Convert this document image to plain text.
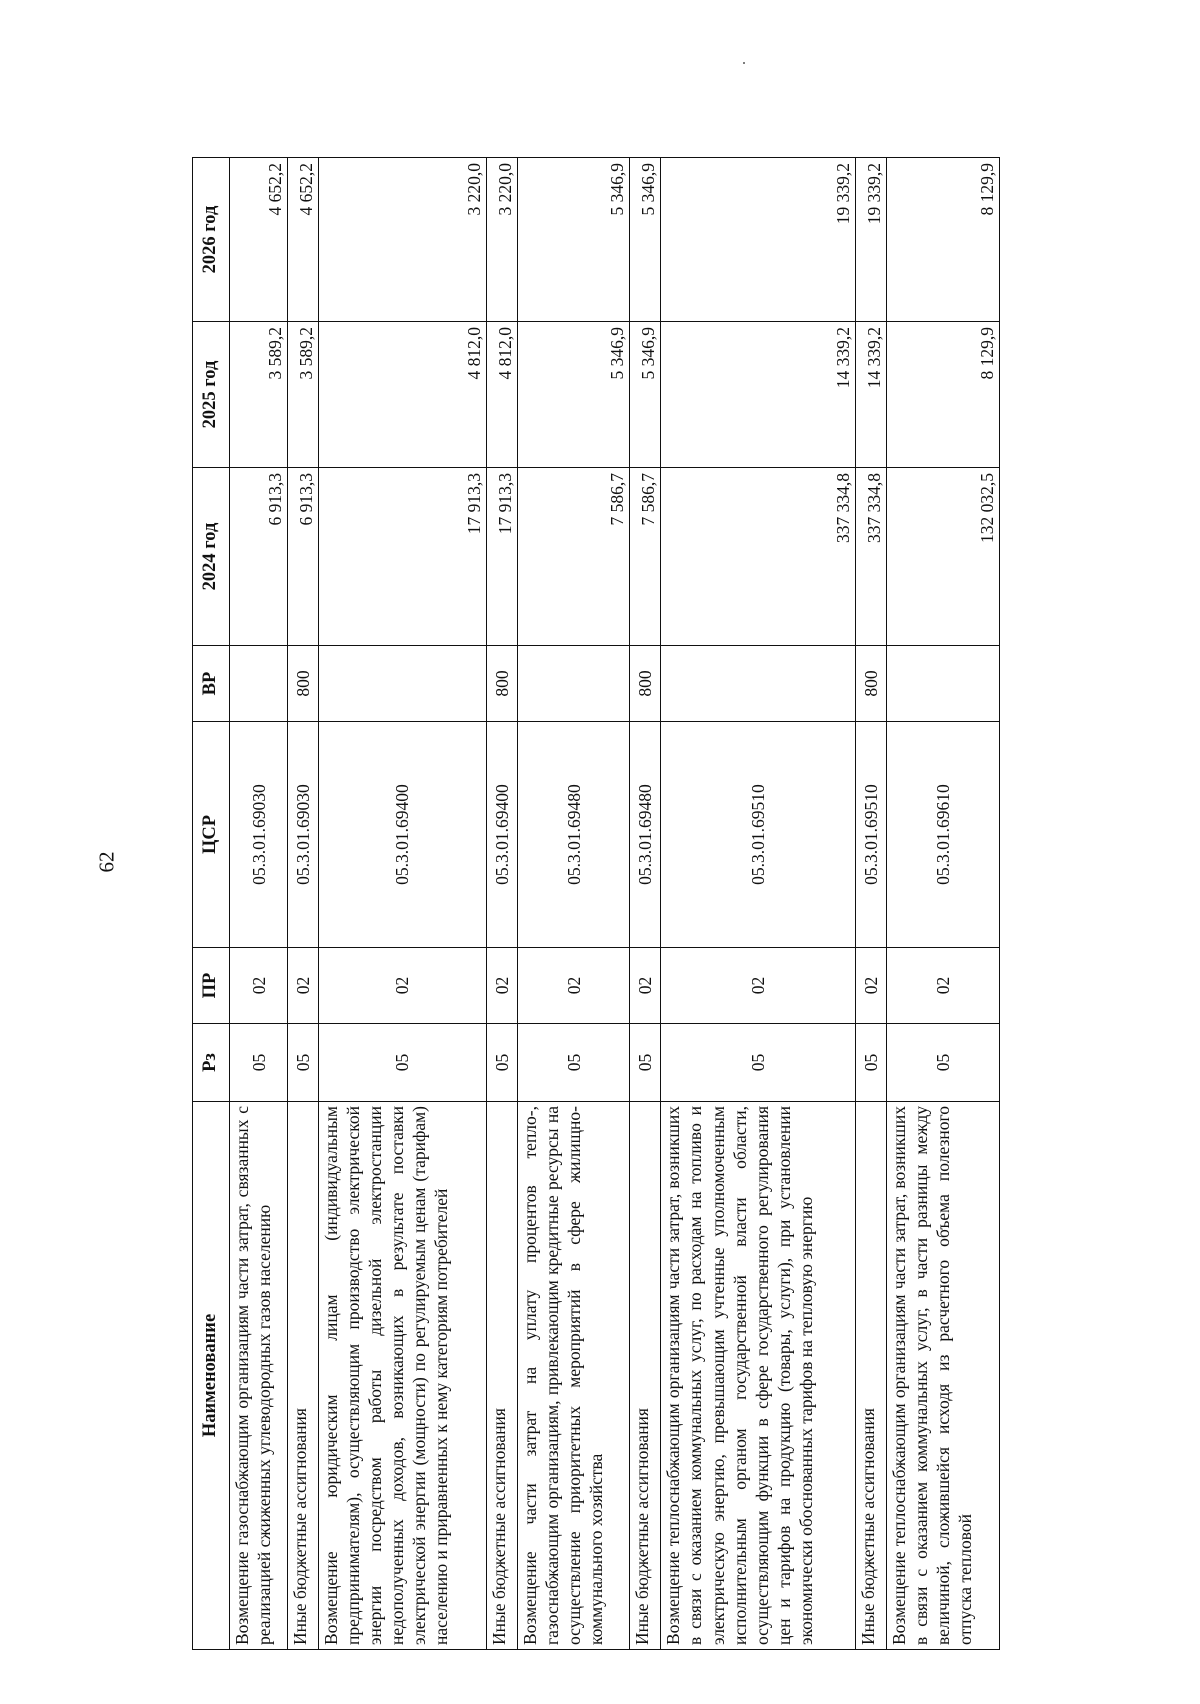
62
Наименование	Рз	ПР	ЦСР	ВР	2024 год	2025 год	2026 год
Возмещение газоснабжающим организациям части затрат, связанных с реализацией сжиженных углеводородных газов населению	05	02	05.3.01.69030		6 913,3	3 589,2	4 652,2
Иные бюджетные ассигнования	05	02	05.3.01.69030	800	6 913,3	3 589,2	4 652,2
Возмещение юридическим лицам (индивидуальным предпринимателям), осуществляющим производство электрической энергии посредством работы дизельной электростанции недополученных доходов, возникающих в результате поставки электрической энергии (мощности) по регулируемым ценам (тарифам) населению и приравненных к нему категориям потребителей	05	02	05.3.01.69400		17 913,3	4 812,0	3 220,0
Иные бюджетные ассигнования	05	02	05.3.01.69400	800	17 913,3	4 812,0	3 220,0
Возмещение части затрат на уплату процентов тепло-, газоснабжающим организациям, привлекающим кредитные ресурсы на осуществление приоритетных мероприятий в сфере жилищно-коммунального хозяйства	05	02	05.3.01.69480		7 586,7	5 346,9	5 346,9
Иные бюджетные ассигнования	05	02	05.3.01.69480	800	7 586,7	5 346,9	5 346,9
Возмещение теплоснабжающим организациям части затрат, возникших в связи с оказанием коммунальных услуг, по расходам на топливо и электрическую энергию, превышающим учтенные уполномоченным исполнительным органом государственной власти области, осуществляющим функции в сфере государственного регулирования цен и тарифов на продукцию (товары, услуги), при установлении экономически обоснованных тарифов на тепловую энергию	05	02	05.3.01.69510		337 334,8	14 339,2	19 339,2
Иные бюджетные ассигнования	05	02	05.3.01.69510	800	337 334,8	14 339,2	19 339,2
Возмещение теплоснабжающим организациям части затрат, возникших в связи с оказанием коммунальных услуг, в части разницы между величиной, сложившейся исходя из расчетного объема полезного отпуска тепловой	05	02	05.3.01.69610		132 032,5	8 129,9	8 129,9
